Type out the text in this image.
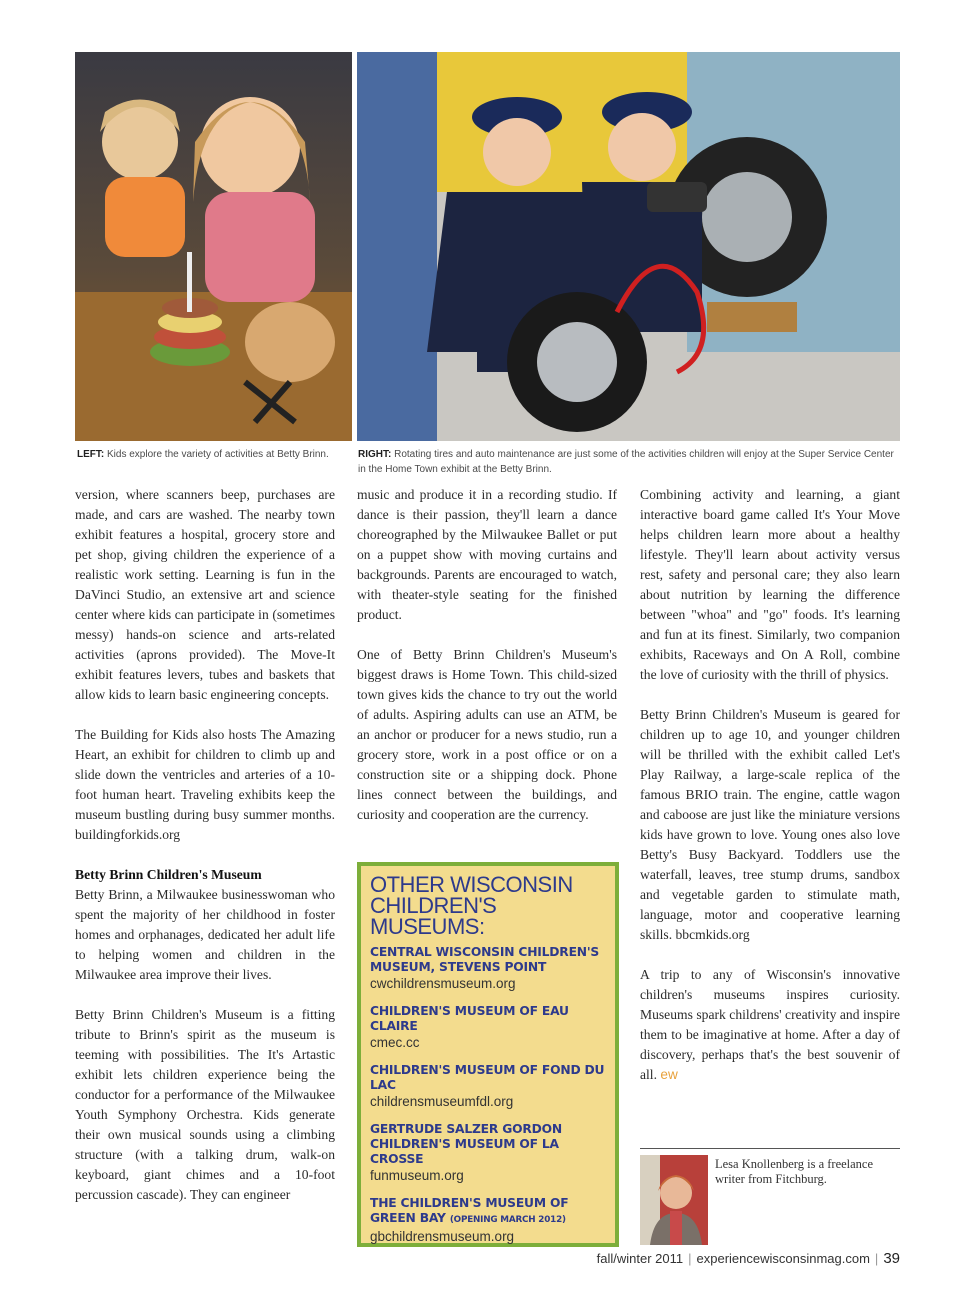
LEFT: Kids explore the variety of activities at Betty Brinn.	RIGHT: Rotating tires and auto maintenance are just some of the activities children will enjoy at the Super Service Center in the Home Town exhibit at the Betty Brinn.

version, where scanners beep, purchases are made, and cars are washed. The nearby town exhibit features a hospital, grocery store and pet shop, giving children the experience of a realistic work setting. Learning is fun in the DaVinci Studio, an extensive art and science center where kids can participate in (sometimes messy) hands-on science and arts-related activities (aprons provided). The Move-It exhibit features levers, tubes and baskets that allow kids to learn basic engineering concepts.

The Building for Kids also hosts The Amazing Heart, an exhibit for children to climb up and slide down the ventricles and arteries of a 10-foot human heart. Traveling exhibits keep the museum bustling during busy summer months. buildingforkids.org

Betty Brinn Children's Museum

Betty Brinn, a Milwaukee businesswoman who spent the majority of her childhood in foster homes and orphanages, dedicated her adult life to helping women and children in the Milwaukee area improve their lives.

Betty Brinn Children's Museum is a fitting tribute to Brinn's spirit as the museum is teeming with possibilities. The It's Artastic exhibit lets children experience being the conductor for a performance of the Milwaukee Youth Symphony Orchestra. Kids generate their own musical sounds using a climbing structure (with a talking drum, walk-on keyboard, giant chimes and a 10-foot percussion cascade). They can engineer

music and produce it in a recording studio. If dance is their passion, they'll learn a dance choreographed by the Milwaukee Ballet or put on a puppet show with moving curtains and backgrounds. Parents are encouraged to watch, with theater-style seating for the finished product.

One of Betty Brinn Children's Museum's biggest draws is Home Town. This child-sized town gives kids the chance to try out the world of adults. Aspiring adults can use an ATM, be an anchor or producer for a news studio, run a grocery store, work in a post office or on a construction site or a shipping dock. Phone lines connect between the buildings, and curiosity and cooperation are the currency.

OTHER WISCONSIN CHILDREN'S MUSEUMS:
CENTRAL WISCONSIN CHILDREN'S MUSEUM, STEVENS POINT
cwchildrensmuseum.org
CHILDREN'S MUSEUM OF EAU CLAIRE
cmec.cc
CHILDREN'S MUSEUM OF FOND DU LAC
childrensmuseumfdl.org
GERTRUDE SALZER GORDON CHILDREN'S MUSEUM OF LA CROSSE
funmuseum.org
THE CHILDREN'S MUSEUM OF GREEN BAY (OPENING MARCH 2012)
gbchildrensmuseum.org

Combining activity and learning, a giant interactive board game called It's Your Move helps children learn more about a healthy lifestyle. They'll learn about activity versus rest, safety and personal care; they also learn about nutrition by learning the difference between "whoa" and "go" foods. It's learning and fun at its finest. Similarly, two companion exhibits, Raceways and On A Roll, combine the love of curiosity with the thrill of physics.

Betty Brinn Children's Museum is geared for children up to age 10, and younger children will be thrilled with the exhibit called Let's Play Railway, a large-scale replica of the famous BRIO train. The engine, cattle wagon and caboose are just like the miniature versions kids have grown to love. Young ones also love Betty's Busy Backyard. Toddlers use the waterfall, leaves, tree stump drums, sandbox and vegetable garden to stimulate math, language, motor and cooperative learning skills. bbcmkids.org

A trip to any of Wisconsin's innovative children's museums inspires curiosity. Museums spark childrens' creativity and inspire them to be imaginative at home. After a day of discovery, perhaps that's the best souvenir of all. ew

Lesa Knollenberg is a freelance writer from Fitchburg.
fall/winter 2011 | experiencewisconsinmag.com | 39
